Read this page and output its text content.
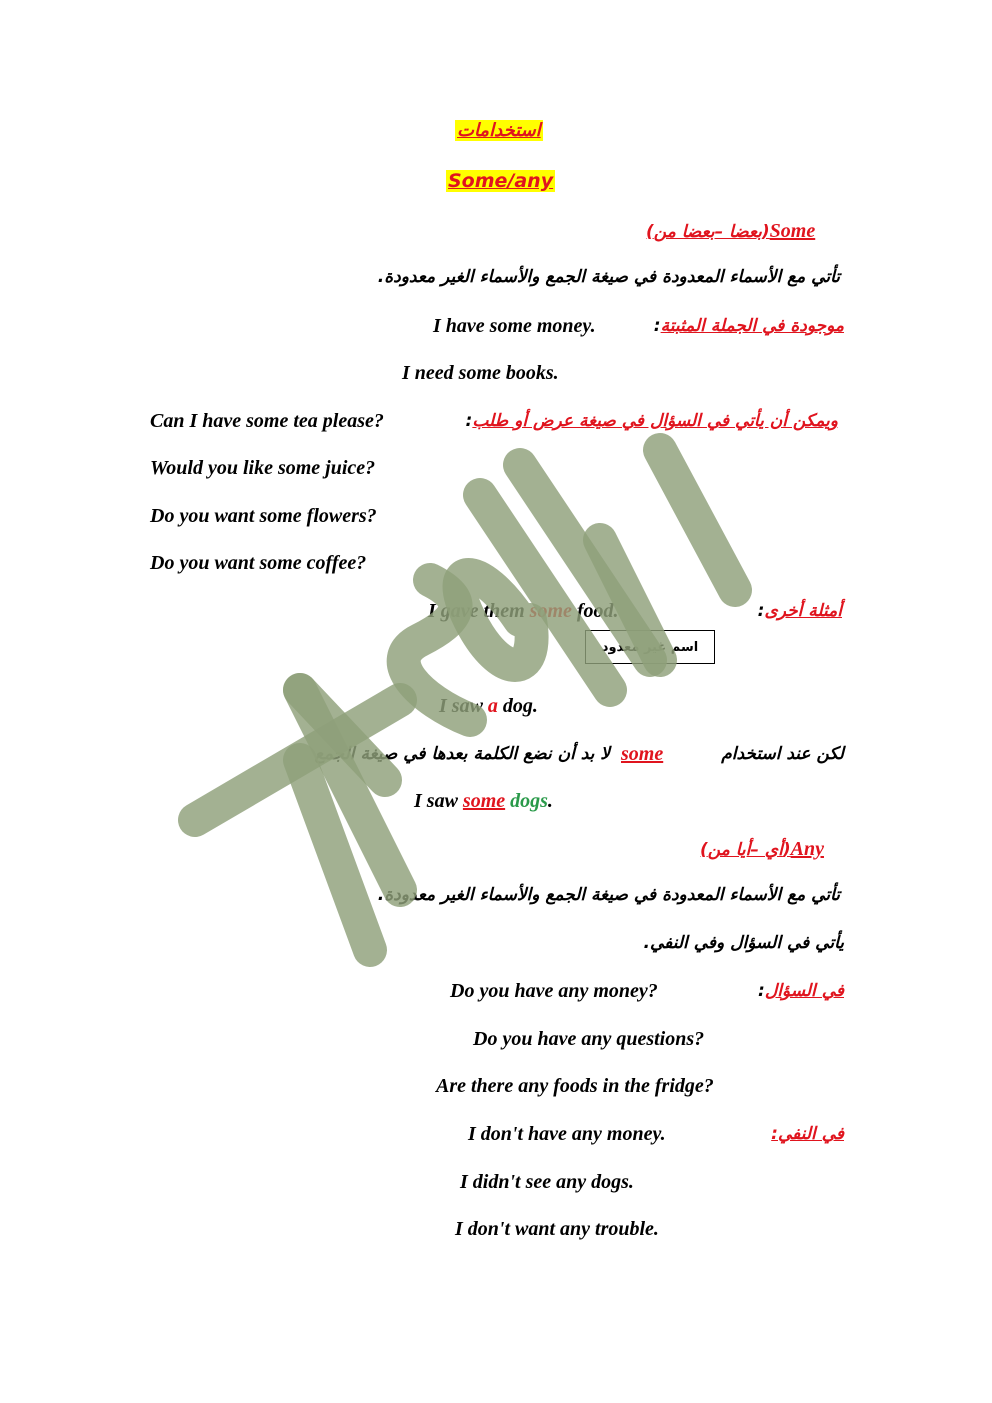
استخدامات
Some/any
(بعضا –بعضا من)Some
تأتي مع الأسماء المعدودة في صيغة الجمع والأسماء الغير معدودة.
I have some money.	موجودة في الجملة المثبتة:
I need some books.
Can I have some tea please?	ويمكن أن يأتي في السؤال في صيغة عرض أو طلب:
Would you like some juice?
Do you want some flowers?
Do you want some coffee?
I gave them some food.	أمثلة أخرى:
اسم غير معدود
I saw a dog.
لكن عند استخدام
some
لا بد أن نضع الكلمة بعدها في صيغة الجمع
I saw some dogs.
(أي –أيا من)Any
تأتي مع الأسماء المعدودة في صيغة الجمع والأسماء الغير معدودة.
يأتي في السؤال وفي النفي.
Do you have any money?	في السؤال:
Do you have any questions?
Are there any foods in the fridge?
I don't have any money.	في النفي:
I didn't see any dogs.
I don't want any trouble.
